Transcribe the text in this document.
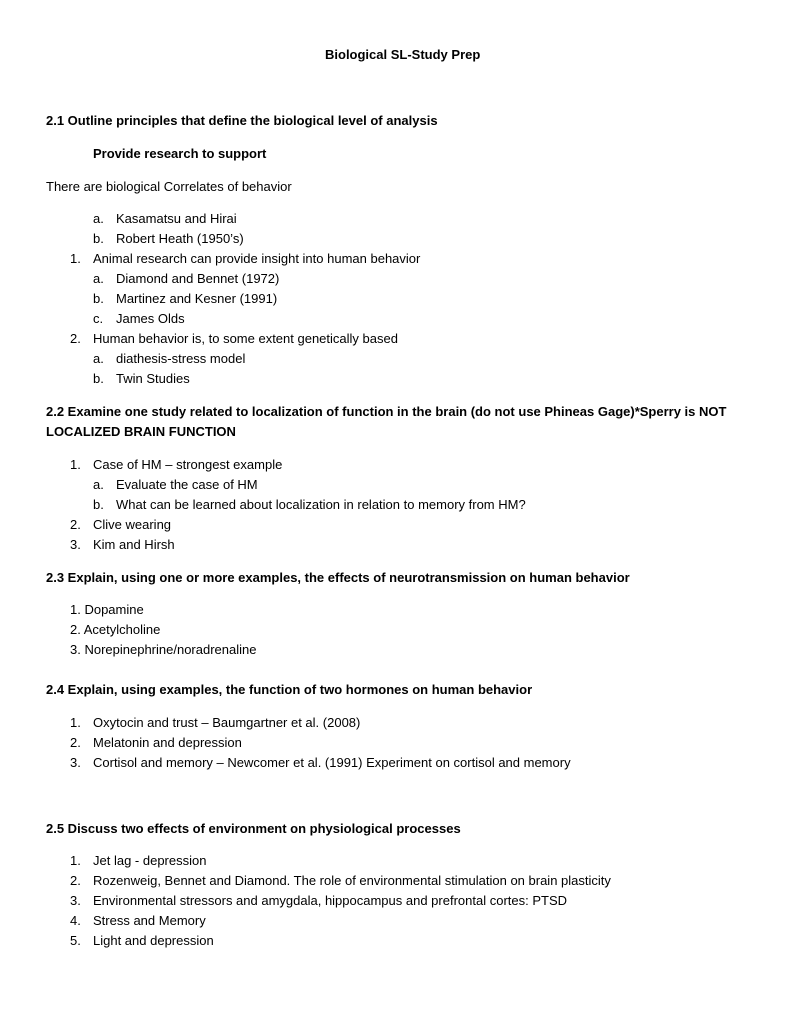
Biological SL-Study Prep
2.1 Outline principles that define the biological level of analysis
Provide research to support
There are biological Correlates of behavior
a. Kasamatsu and Hirai
b. Robert Heath (1950’s)
1. Animal research can provide insight into human behavior
a. Diamond and Bennet (1972)
b. Martinez and Kesner (1991)
c. James Olds
2. Human behavior is, to some extent genetically based
a. diathesis-stress model
b. Twin Studies
2.2 Examine one study related to localization of function in the brain (do not use Phineas Gage)*Sperry is NOT
LOCALIZED BRAIN FUNCTION
1. Case of HM – strongest example
a. Evaluate the case of HM
b. What can be learned about localization in relation to memory from HM?
2. Clive wearing
3. Kim and Hirsh
2.3 Explain, using one or more examples, the effects of neurotransmission on human behavior
1. Dopamine
2. Acetylcholine
3. Norepinephrine/noradrenaline
2.4 Explain, using examples, the function of two hormones on human behavior
1. Oxytocin and trust – Baumgartner et al. (2008)
2. Melatonin and depression
3. Cortisol and memory – Newcomer et al. (1991) Experiment on cortisol and memory
2.5 Discuss two effects of environment on physiological processes
1. Jet lag - depression
2. Rozenweig, Bennet and Diamond. The role of environmental stimulation on brain plasticity
3. Environmental stressors and amygdala, hippocampus and prefrontal cortes: PTSD
4. Stress and Memory
5. Light and depression
